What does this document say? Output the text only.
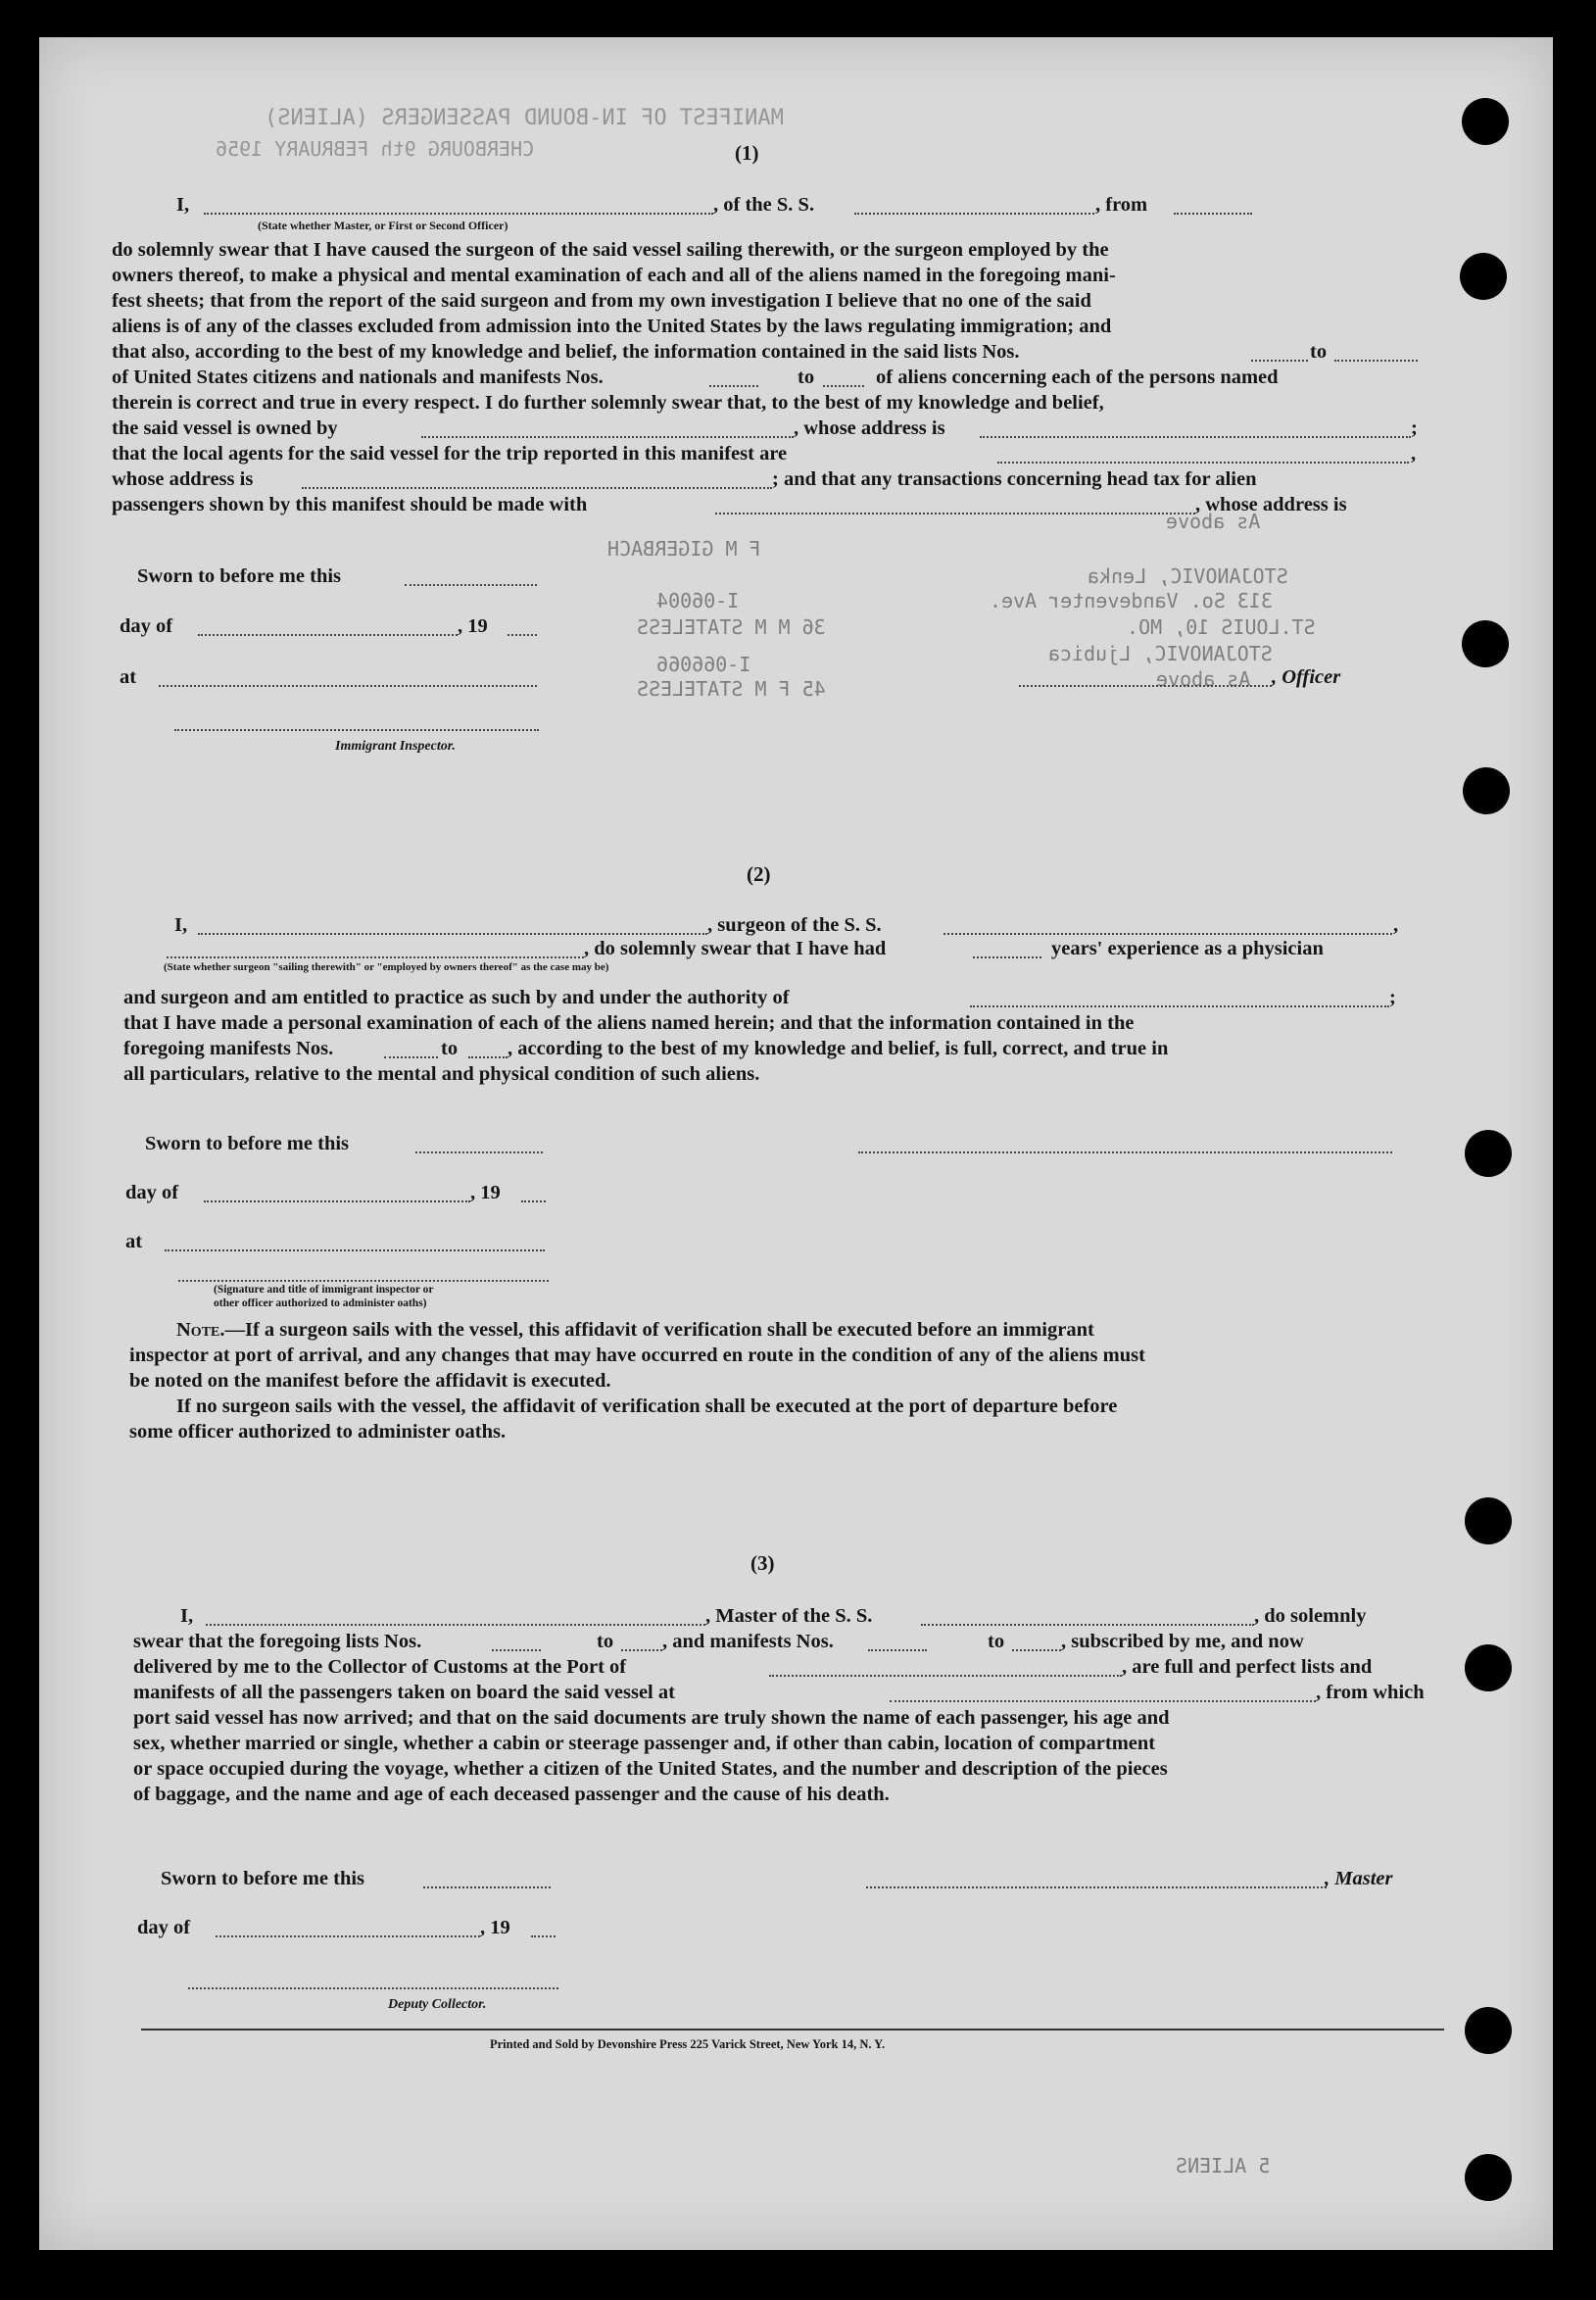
MANIFEST OF IN-BOUND PASSENGERS (ALIENS)
CHERBOURG 9th FEBRUARY 1956
As above
STOJANOVIC, Lenka
313 So. Vandeventer Ave.
ST.LOUIS 10, MO.
STOJANOVIC, Ljubica
As above
F M GIGERBACH
I-06004
36 M M STATELESS
I-066066
45 F M STATELESS
5 ALIENS
(1)
I,	, of the S. S.	, from
(State whether Master, or First or Second Officer)
do solemnly swear that I have caused the surgeon of the said vessel sailing therewith, or the surgeon employed by the
owners thereof, to make a physical and mental examination of each and all of the aliens named in the foregoing mani-
fest sheets; that from the report of the said surgeon and from my own investigation I believe that no one of the said
aliens is of any of the classes excluded from admission into the United States by the laws regulating immigration; and
that also, according to the best of my knowledge and belief, the information contained in the said lists Nos.	to
of United States citizens and nationals and manifests Nos.	to	of aliens concerning each of the persons named
therein is correct and true in every respect. I do further solemnly swear that, to the best of my knowledge and belief,
the said vessel is owned by	, whose address is	;
that the local agents for the said vessel for the trip reported in this manifest are	,
whose address is	; and that any transactions concerning head tax for alien
passengers shown by this manifest should be made with	, whose address is
Sworn to before me this
day of	, 19
at	, Officer
Immigrant Inspector.
(2)
I,	, surgeon of the S. S.	,
, do solemnly swear that I have had	years' experience as a physician
(State whether surgeon "sailing therewith" or "employed by owners thereof" as the case may be)
and surgeon and am entitled to practice as such by and under the authority of	;
that I have made a personal examination of each of the aliens named herein; and that the information contained in the
foregoing manifests Nos.	to , according to the best of my knowledge and belief, is full, correct, and true in
all particulars, relative to the mental and physical condition of such aliens.
Sworn to before me this
day of	, 19
at
(Signature and title of immigrant inspector or
other officer authorized to administer oaths)
Note.—If a surgeon sails with the vessel, this affidavit of verification shall be executed before an immigrant
inspector at port of arrival, and any changes that may have occurred en route in the condition of any of the aliens must
be noted on the manifest before the affidavit is executed.
If no surgeon sails with the vessel, the affidavit of verification shall be executed at the port of departure before
some officer authorized to administer oaths.
(3)
I,	, Master of the S. S.	, do solemnly
swear that the foregoing lists Nos.	to , and manifests Nos.	to	, subscribed by me, and now
delivered by me to the Collector of Customs at the Port of	, are full and perfect lists and
manifests of all the passengers taken on board the said vessel at	, from which
port said vessel has now arrived; and that on the said documents are truly shown the name of each passenger, his age and
sex, whether married or single, whether a cabin or steerage passenger and, if other than cabin, location of compartment
or space occupied during the voyage, whether a citizen of the United States, and the number and description of the pieces
of baggage, and the name and age of each deceased passenger and the cause of his death.
Sworn to before me this	, Master
day of	, 19
Deputy Collector.
Printed and Sold by Devonshire Press 225 Varick Street, New York 14, N. Y.
